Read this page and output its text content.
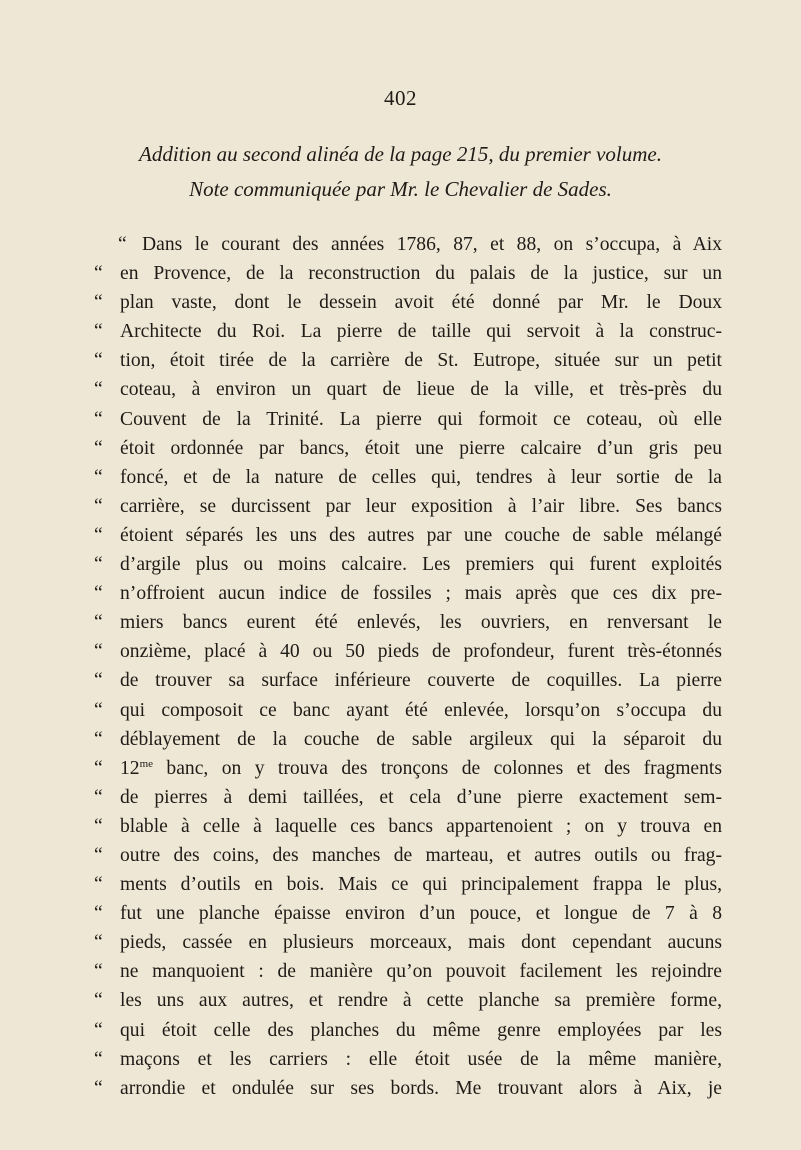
402
Addition au second alinéa de la page 215, du premier volume.
Note communiquée par Mr. le Chevalier de Sades.
“ Dans le courant des années 1786, 87, et 88, on s’occupa, à Aix
“ en Provence, de la reconstruction du palais de la justice, sur un
“ plan vaste, dont le dessein avoit été donné par Mr. le Doux
“ Architecte du Roi. La pierre de taille qui servoit à la construc-
“ tion, étoit tirée de la carrière de St. Eutrope, située sur un petit
“ coteau, à environ un quart de lieue de la ville, et très-près du
“ Couvent de la Trinité. La pierre qui formoit ce coteau, où elle
“ étoit ordonnée par bancs, étoit une pierre calcaire d’un gris peu
“ foncé, et de la nature de celles qui, tendres à leur sortie de la
“ carrière, se durcissent par leur exposition à l’air libre. Ses bancs
“ étoient séparés les uns des autres par une couche de sable mélangé
“ d’argile plus ou moins calcaire. Les premiers qui furent exploités
“ n’offroient aucun indice de fossiles ; mais après que ces dix pre-
“ miers bancs eurent été enlevés, les ouvriers, en renversant le
“ onzième, placé à 40 ou 50 pieds de profondeur, furent très-étonnés
“ de trouver sa surface inférieure couverte de coquilles. La pierre
“ qui composoit ce banc ayant été enlevée, lorsqu’on s’occupa du
“ déblayement de la couche de sable argileux qui la séparoit du
“ $12^{me}$ banc, on y trouva des tronçons de colonnes et des fragments
“ de pierres à demi taillées, et cela d’une pierre exactement sem-
“ blable à celle à laquelle ces bancs appartenoient ; on y trouva en
“ outre des coins, des manches de marteau, et autres outils ou frag-
“ ments d’outils en bois. Mais ce qui principalement frappa le plus,
“ fut une planche épaisse environ d’un pouce, et longue de 7 à 8
“ pieds, cassée en plusieurs morceaux, mais dont cependant aucuns
“ ne manquoient : de manière qu’on pouvoit facilement les rejoindre
“ les uns aux autres, et rendre à cette planche sa première forme,
“ qui étoit celle des planches du même genre employées par les
“ maçons et les carriers : elle étoit usée de la même manière,
“ arrondie et ondulée sur ses bords. Me trouvant alors à Aix, je
